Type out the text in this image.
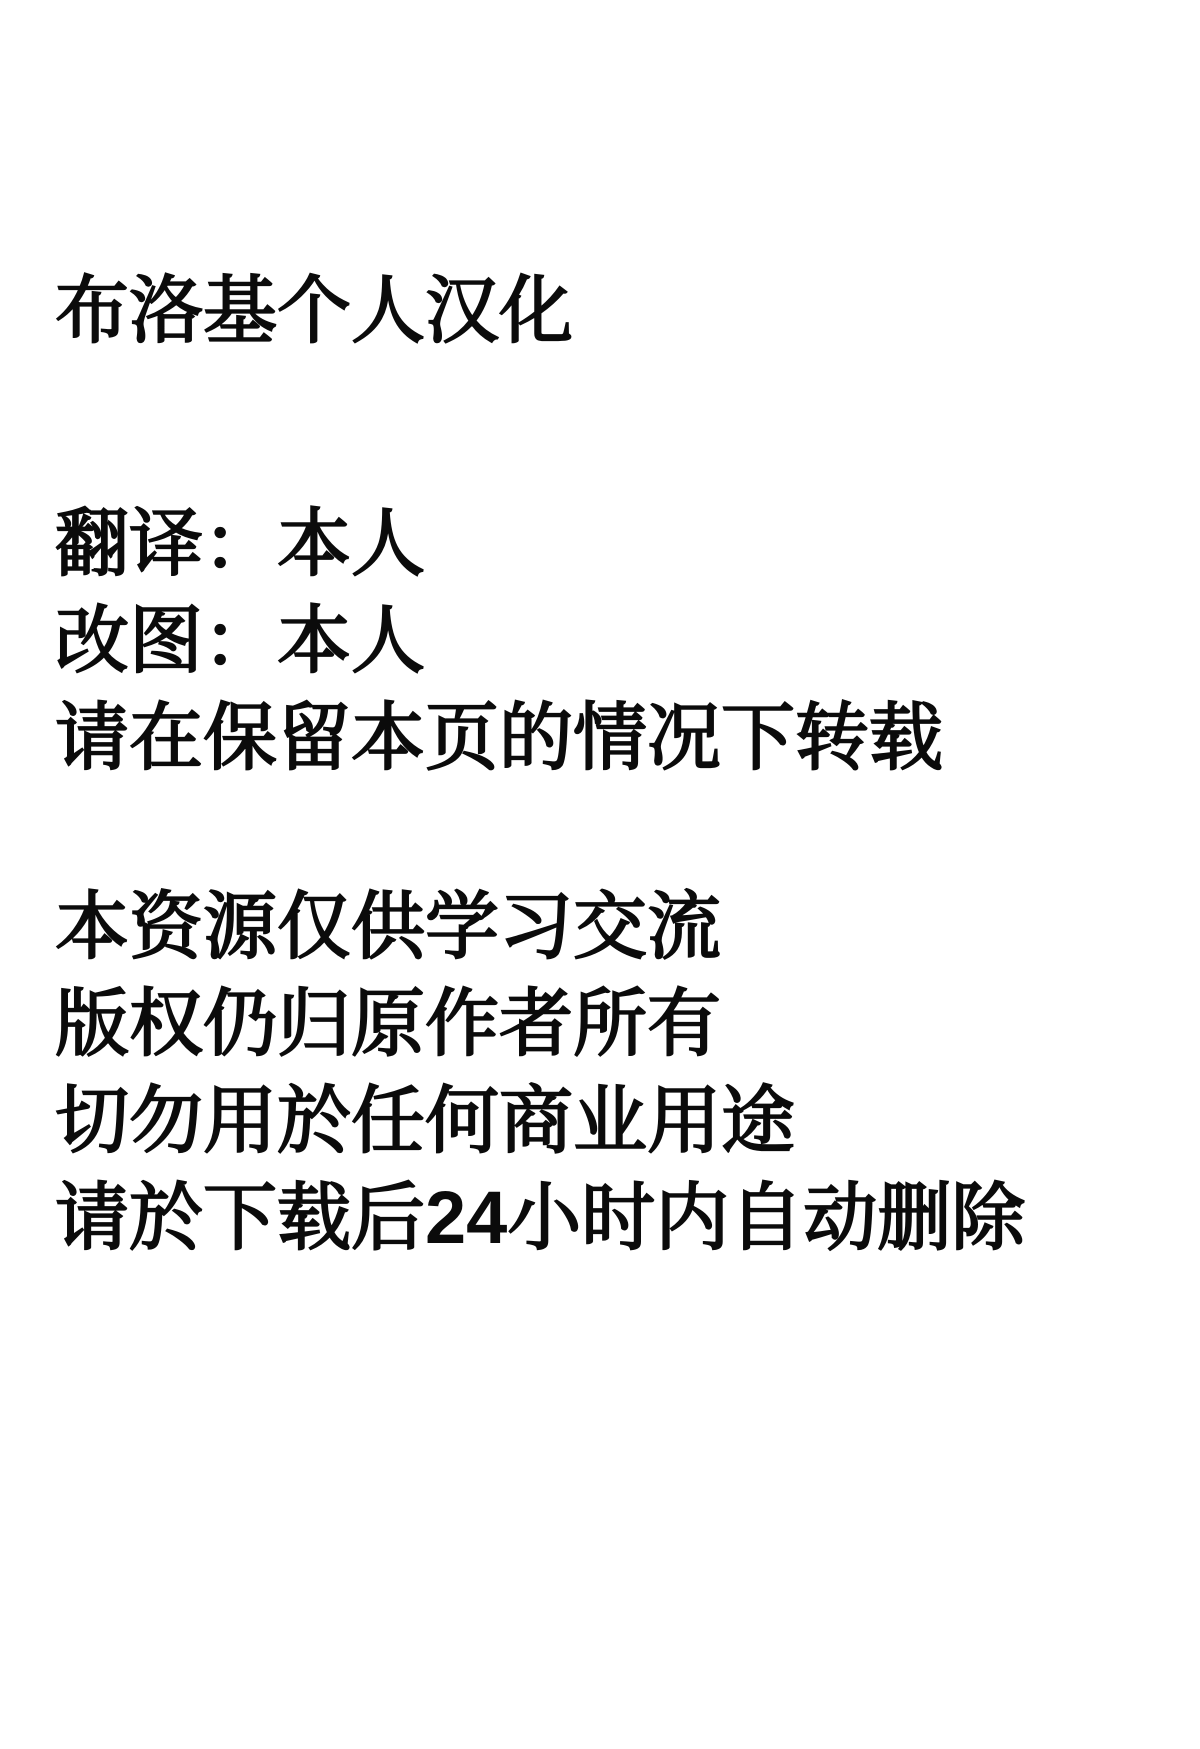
布洛基个人汉化
翻译：本人
改图：本人
请在保留本页的情况下转载
本资源仅供学习交流
版权仍归原作者所有
切勿用於任何商业用途
请於下载后24小时内自动删除
